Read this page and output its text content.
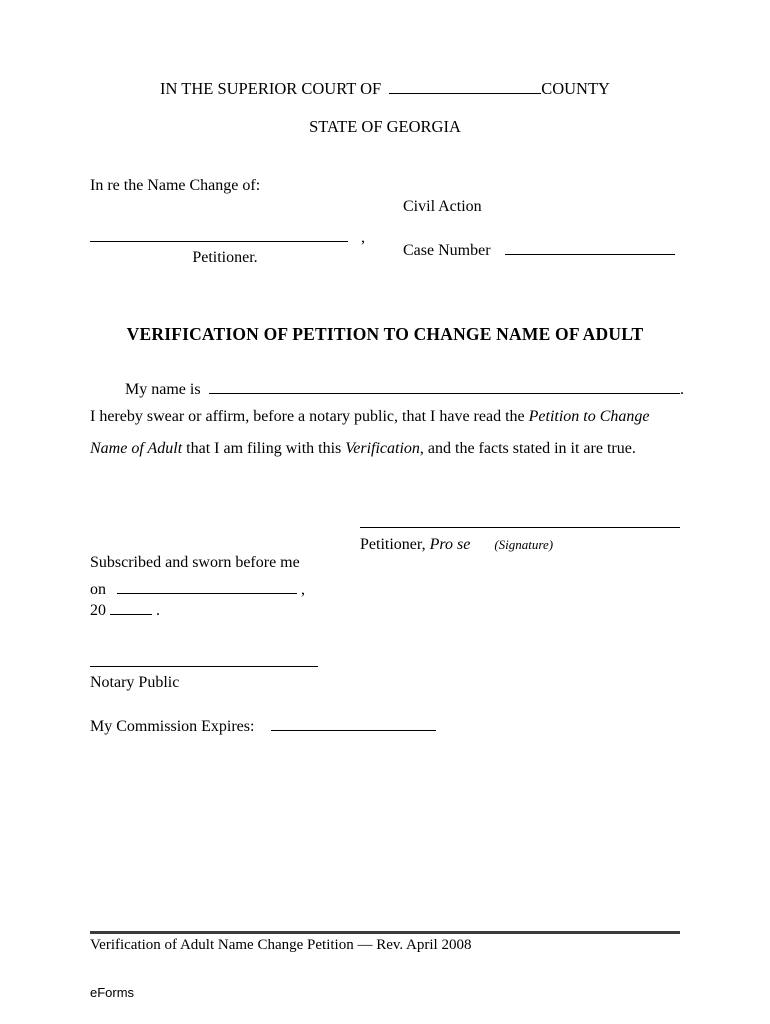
IN THE SUPERIOR COURT OF	COUNTY
STATE OF GEORGIA
In re the Name Change of:
Civil Action
,
Petitioner.	Case Number
VERIFICATION OF PETITION TO CHANGE NAME OF ADULT
My name is	.
I hereby swear or affirm, before a notary public, that I have read the Petition to Change
Name of Adult that I am filing with this Verification, and the facts stated in it are true.
Petitioner, Pro se (Signature)
Subscribed and sworn before me
on	,
20	.
Notary Public
My Commission Expires:
Verification of Adult Name Change Petition — Rev. April 2008
eForms
